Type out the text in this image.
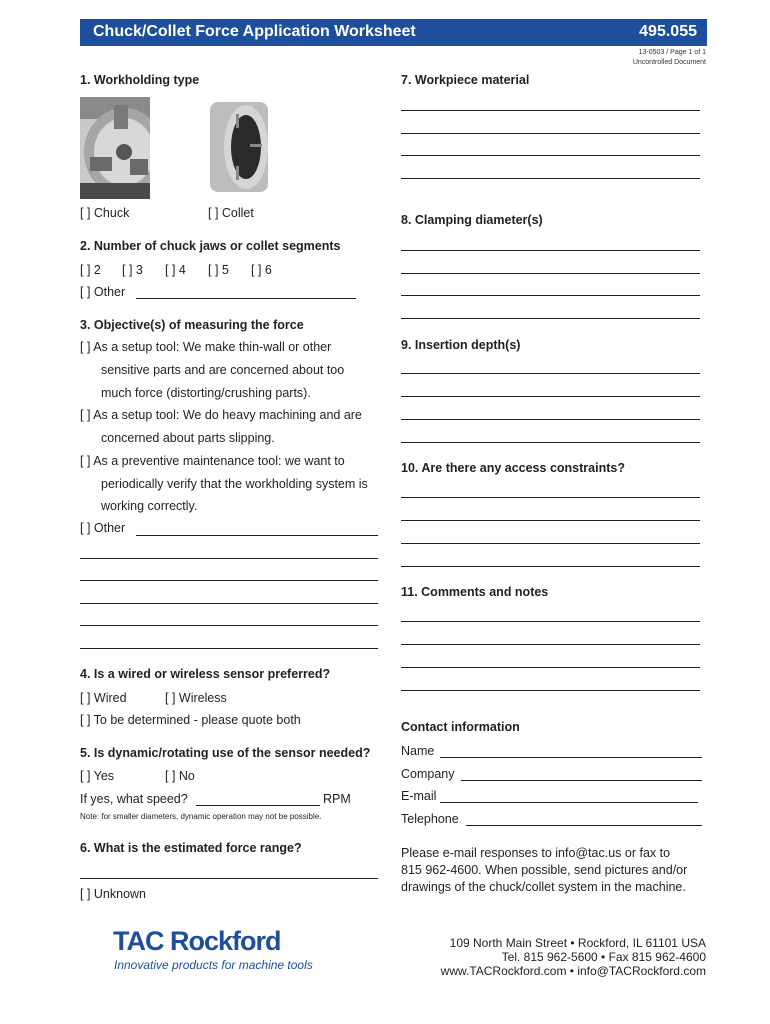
Chuck/Collet Force Application Worksheet	495.055
13-0503 / Page 1 of 1
Uncontrolled Document
1. Workholding type
[ ] Chuck	[ ] Collet
2. Number of chuck jaws or collet segments
[ ] 2 [ ] 3 [ ] 4 [ ] 5 [ ] 6
[ ] Other
3. Objective(s) of measuring the force
[ ] As a setup tool: We make thin-wall or other
sensitive parts and are concerned about too
much force (distorting/crushing parts).
[ ] As a setup tool: We do heavy machining and are
concerned about parts slipping.
[ ] As a preventive maintenance tool: we want to
periodically verify that the workholding system is
working correctly.
[ ] Other
4. Is a wired or wireless sensor preferred?
[ ] Wired	[ ] Wireless
[ ] To be determined - please quote both
5. Is dynamic/rotating use of the sensor needed?
[ ] Yes	[ ] No
If yes, what speed?	RPM
Note: for smaller diameters, dynamic operation may not be possible.
6. What is the estimated force range?
[ ] Unknown
7. Workpiece material
8. Clamping diameter(s)
9. Insertion depth(s)
10. Are there any access constraints?
11. Comments and notes
Contact information
Name
Company
E-mail
Telephone
Please e-mail responses to info@tac.us or fax to
815 962-4600. When possible, send pictures and/or
drawings of the chuck/collet system in the machine.
TAC Rockford
Innovative products for machine tools
109 North Main Street • Rockford, IL 61101 USA
Tel. 815 962-5600 • Fax 815 962-4600
www.TACRockford.com • info@TACRockford.com
